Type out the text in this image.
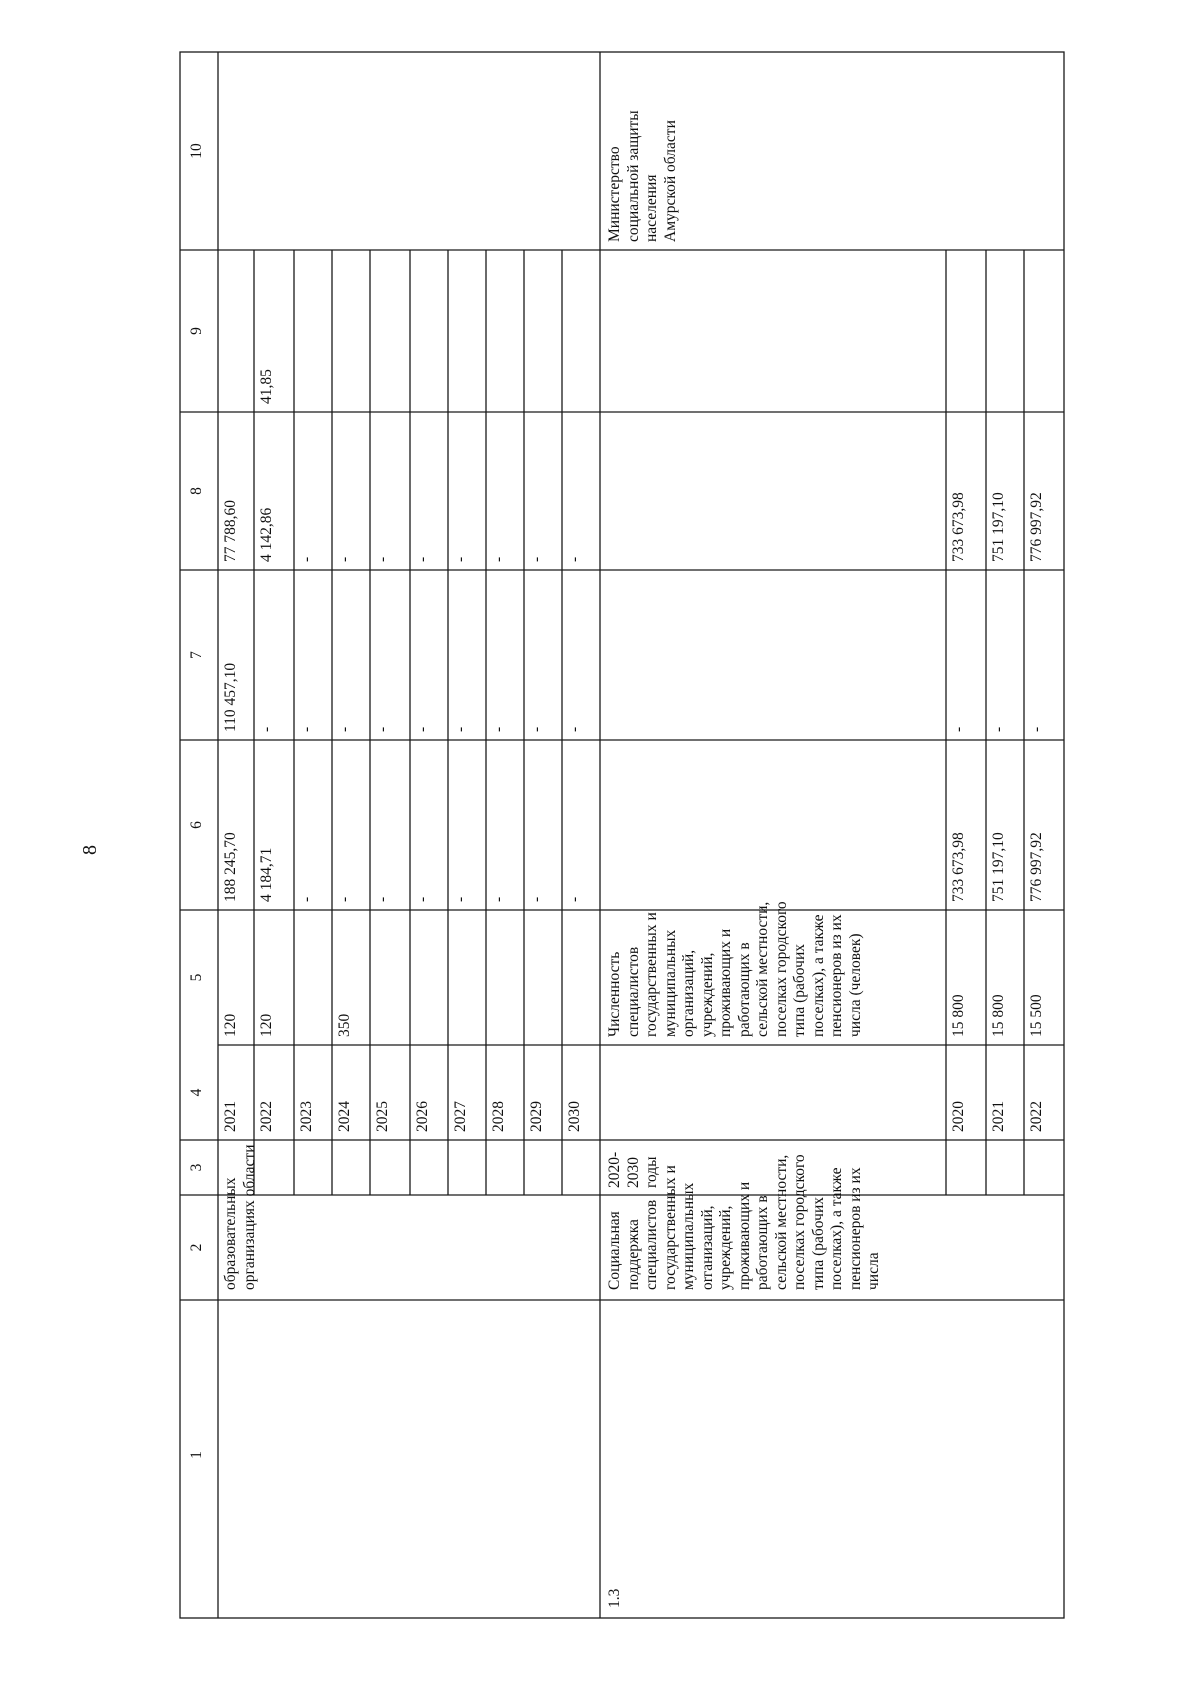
8
1
2
3
4
5
6
7
8
9
10
образовательных
организациях области
2021
120
188 245,70
110 457,10
77 788,60
2022
120
4 184,71
-
4 142,86
41,85
2023
-
-
-
2024
350
-
-
-
2025
-
-
-
2026
-
-
-
2027
-
-
-
2028
-
-
-
2029
-
-
-
2030
-
-
-
1.3
Социальная
поддержка
специалистов
государственных и
муниципальных
orганизаций,
учреждений,
проживающих и
работающих в
сельской местности,
поселках городского
типа (рабочих
поселках), а также
пенсионеров из их
числа
2020-
2030
годы
Численность
специалистов
государственных и
муниципальных
организаций,
учреждений,
проживающих и
работающих в
сельской местности,
поселках городского
типа (рабочих
поселках), а также
пенсионеров из их
числа (человек)
Министерство
социальной защиты
населения
Амурской области
2020
15 800
733 673,98
-
733 673,98
2021
15 800
751 197,10
-
751 197,10
2022
15 500
776 997,92
-
776 997,92
